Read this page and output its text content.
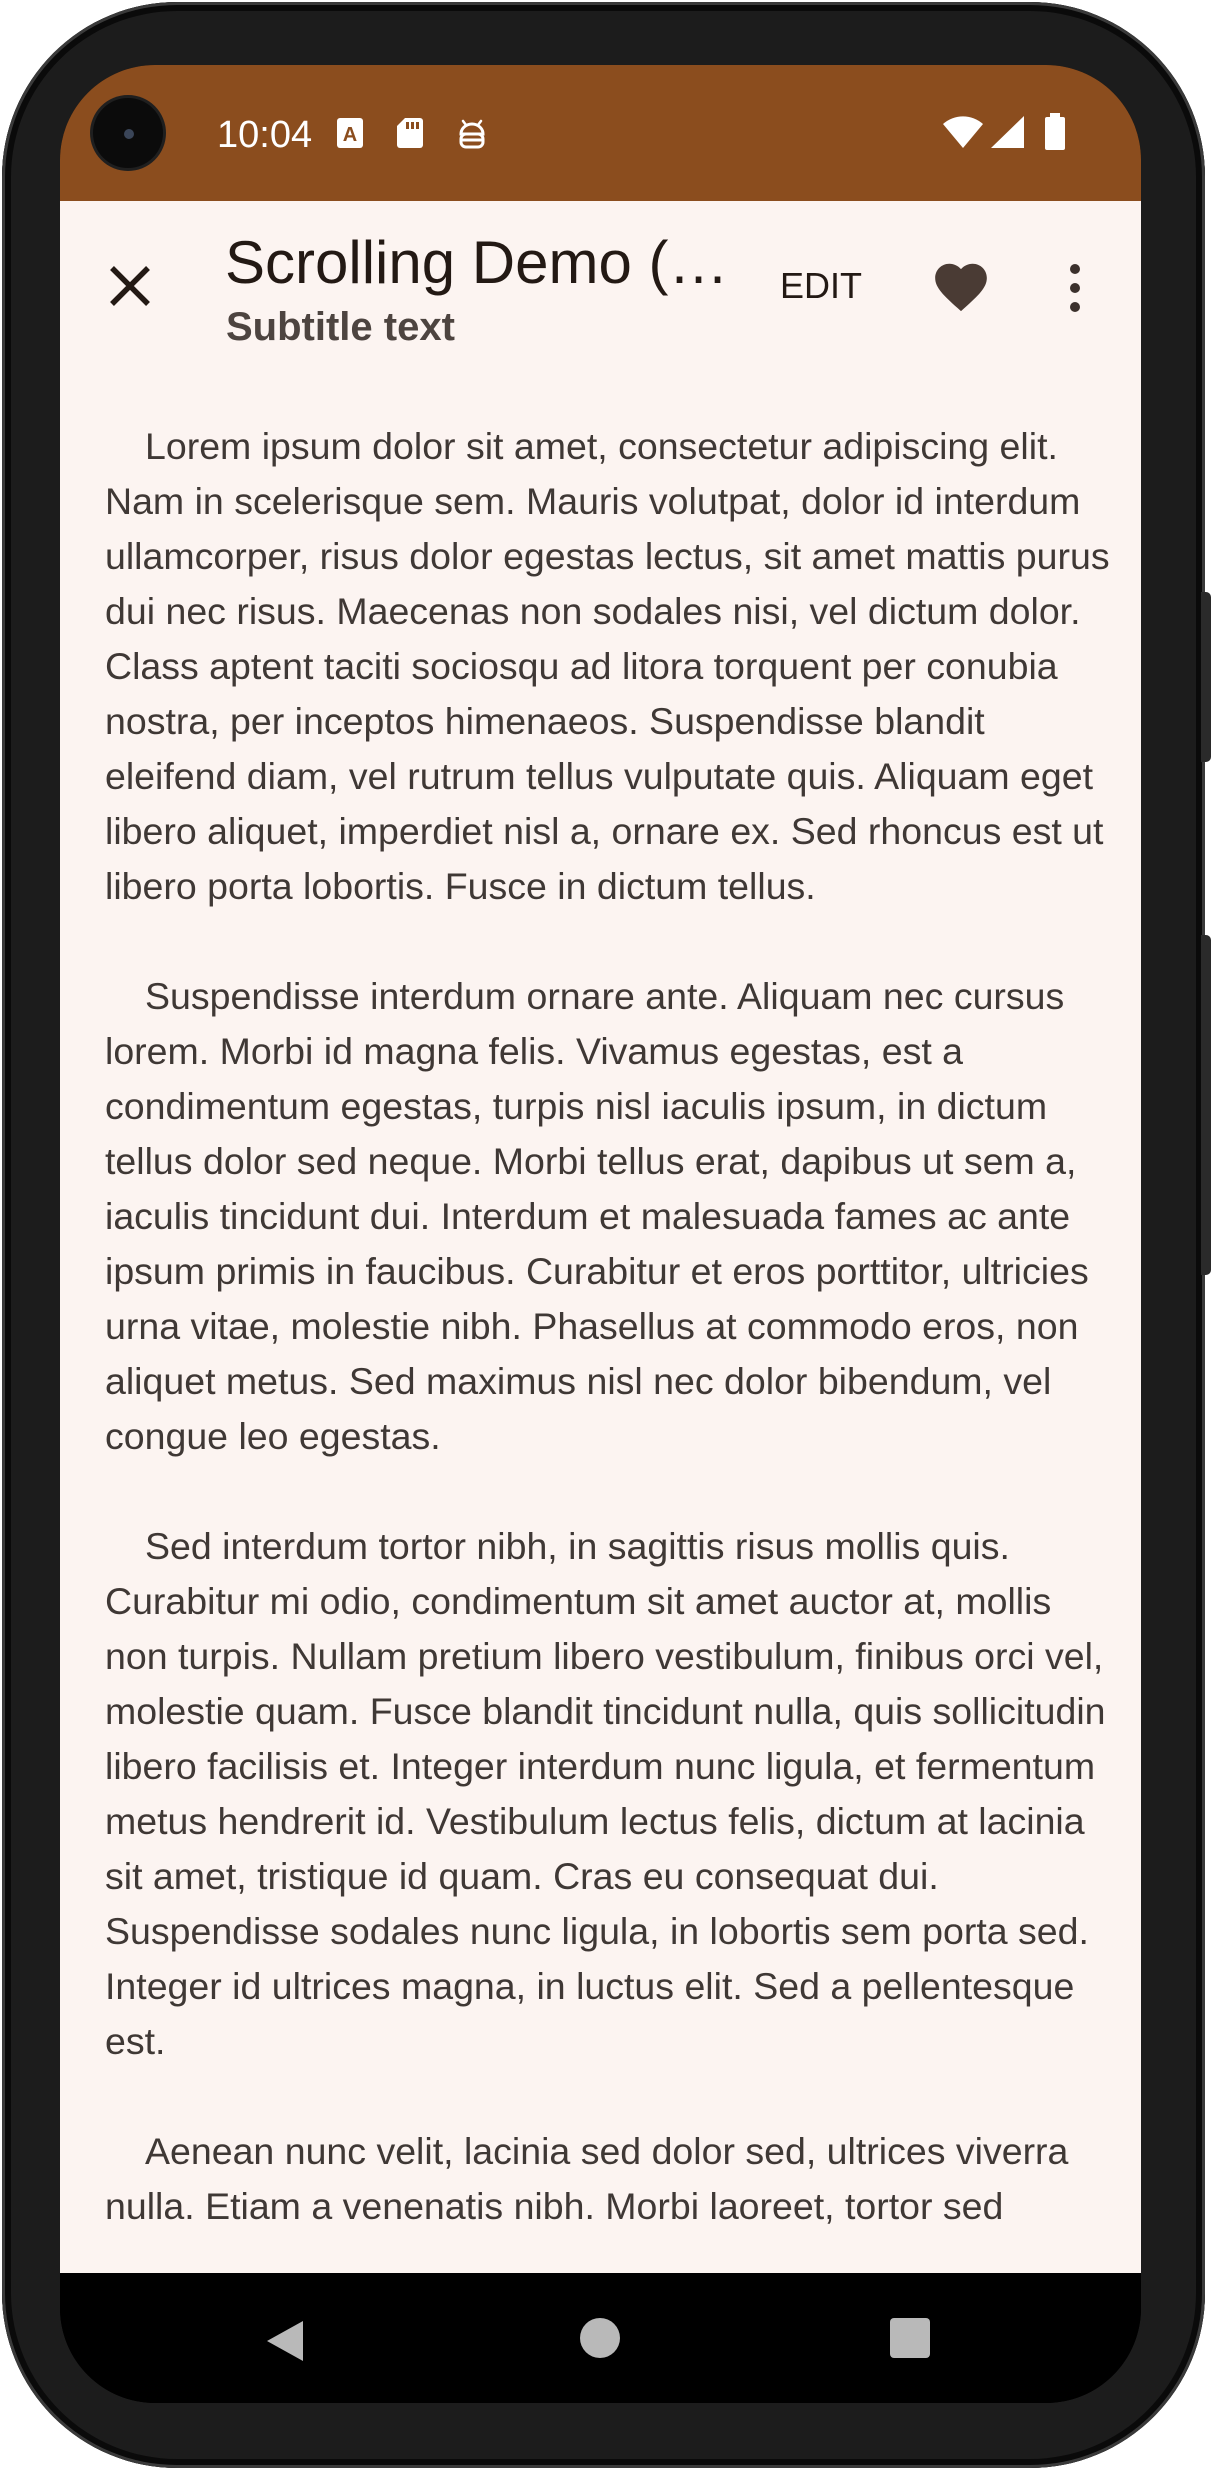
10:04 A
Scrolling Demo (t…
Subtitle text
EDIT

Lorem ipsum dolor sit amet, consectetur adipiscing elit. Nam in scelerisque sem. Mauris volutpat, dolor id interdum ullamcorper, risus dolor egestas lectus, sit amet mattis purus dui nec risus. Maecenas non sodales nisi, vel dictum dolor. Class aptent taciti sociosqu ad litora torquent per conubia nostra, per inceptos himenaeos. Suspendisse blandit eleifend diam, vel rutrum tellus vulputate quis. Aliquam eget libero aliquet, imperdiet nisl a, ornare ex. Sed rhoncus est ut libero porta lobortis. Fusce in dictum tellus.

Suspendisse interdum ornare ante. Aliquam nec cursus lorem. Morbi id magna felis. Vivamus egestas, est a condimentum egestas, turpis nisl iaculis ipsum, in dictum tellus dolor sed neque. Morbi tellus erat, dapibus ut sem a, iaculis tincidunt dui. Interdum et malesuada fames ac ante ipsum primis in faucibus. Curabitur et eros porttitor, ultricies urna vitae, molestie nibh. Phasellus at commodo eros, non aliquet metus. Sed maximus nisl nec dolor bibendum, vel congue leo egestas.

Sed interdum tortor nibh, in sagittis risus mollis quis. Curabitur mi odio, condimentum sit amet auctor at, mollis non turpis. Nullam pretium libero vestibulum, finibus orci vel, molestie quam. Fusce blandit tincidunt nulla, quis sollicitudin libero facilisis et. Integer interdum nunc ligula, et fermentum metus hendrerit id. Vestibulum lectus felis, dictum at lacinia sit amet, tristique id quam. Cras eu consequat dui. Suspendisse sodales nunc ligula, in lobortis sem porta sed. Integer id ultrices magna, in luctus elit. Sed a pellentesque est.

Aenean nunc velit, lacinia sed dolor sed, ultrices viverra nulla. Etiam a venenatis nibh. Morbi laoreet, tortor sed
